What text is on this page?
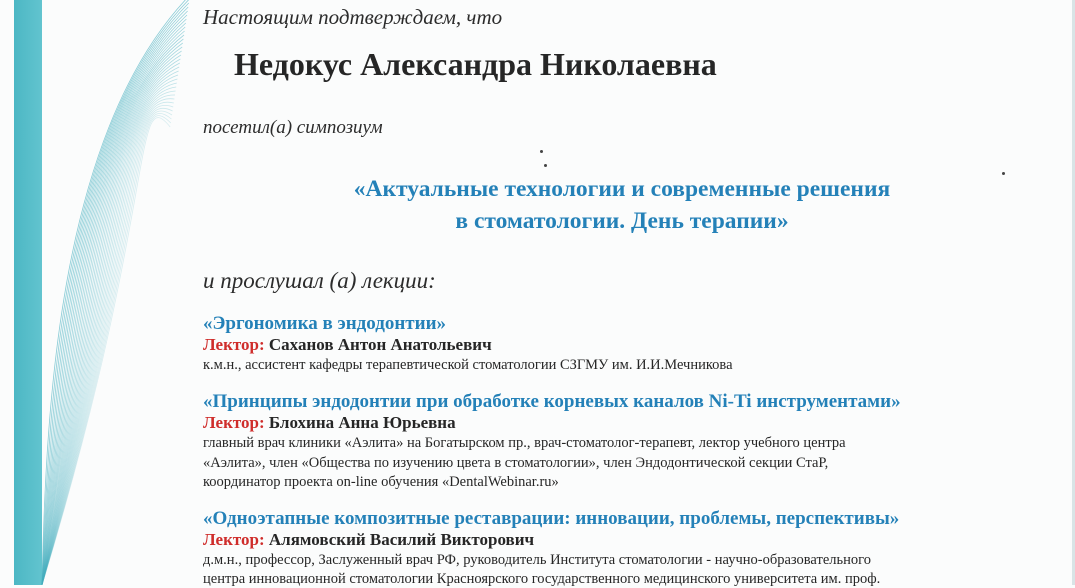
Настоящим подтверждаем, что

Недокус Александра Николаевна

посетил(а) симпозиум

«Актуальные технологии и современные решения

в стоматологии. День терапии»

и прослушал (а) лекции:

«Эргономика в эндодонтии»

Лектор: Саханов Антон Анатольевич

к.м.н., ассистент кафедры терапевтической стоматологии СЗГМУ им. И.И.Мечникова

«Принципы эндодонтии при обработке корневых каналов Ni-Ti инструментами»

Лектор: Блохина Анна Юрьевна

главный врач клиники «Аэлита» на Богатырском пр., врач-стоматолог-терапевт, лектор учебного центра

«Аэлита», член «Общества по изучению цвета в стоматологии», член Эндодонтической секции СтаР,

координатор проекта on-line обучения «DentalWebinar.ru»

«Одноэтапные композитные реставрации: инновации, проблемы, перспективы»

Лектор: Алямовский Василий Викторович

д.м.н., профессор, Заслуженный врач РФ, руководитель Института стоматологии - научно-образовательного

центра инновационной стоматологии Красноярского государственного медицинского университета им. проф.
